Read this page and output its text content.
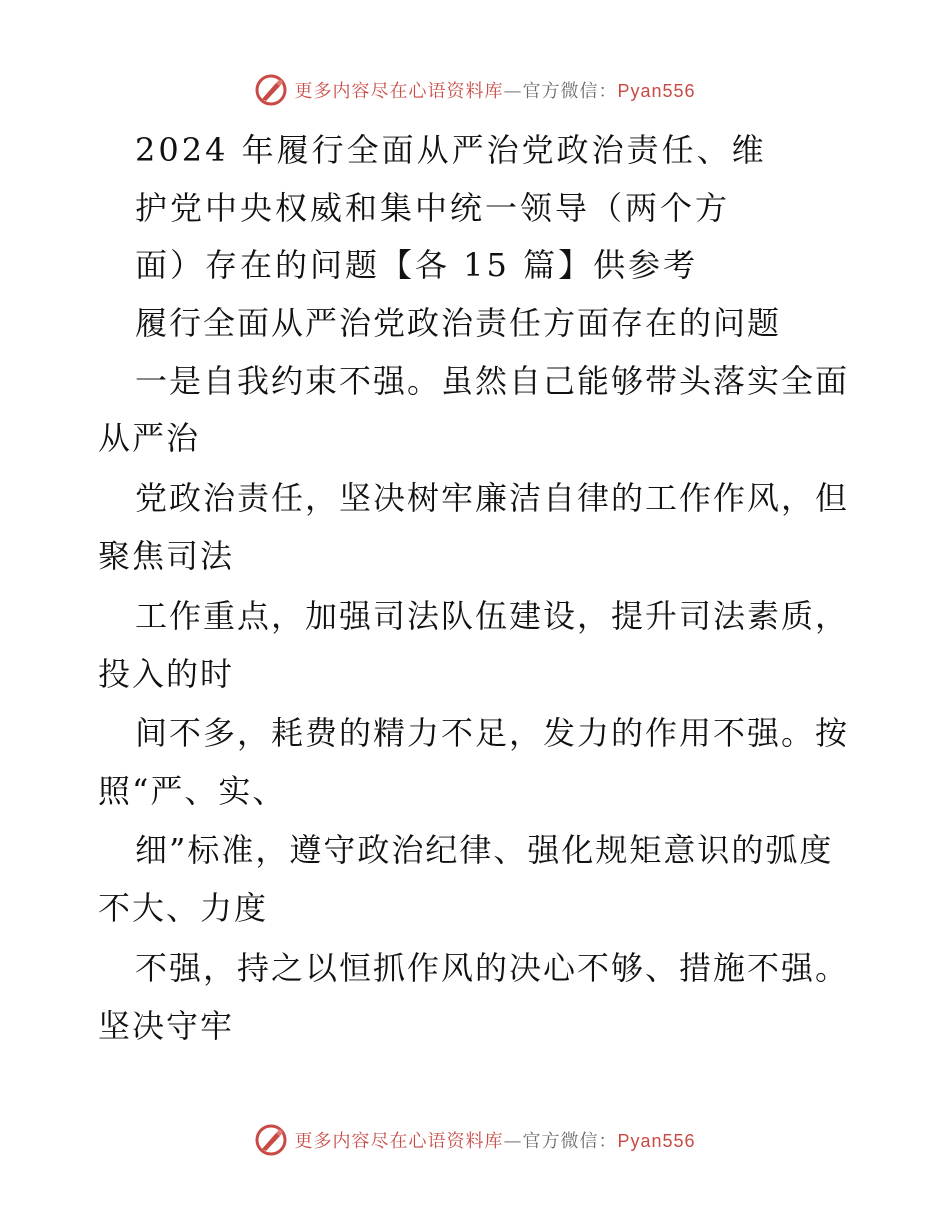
更多内容尽在心语资料库—官方微信：Pyan556
2024 年履行全面从严治党政治责任、维
护党中央权威和集中统一领导（两个方
面）存在的问题【各 15 篇】供参考
履行全面从严治党政治责任方面存在的问题
一是自我约束不强。虽然自己能够带头落实全面
从严治
党政治责任，坚决树牢廉洁自律的工作作风，但
聚焦司法
工作重点，加强司法队伍建设，提升司法素质，
投入的时
间不多，耗费的精力不足，发力的作用不强。按
照“严、实、
细”标准，遵守政治纪律、强化规矩意识的弧度
不大、力度
不强，持之以恒抓作风的决心不够、措施不强。
坚决守牢
更多内容尽在心语资料库—官方微信：Pyan556
